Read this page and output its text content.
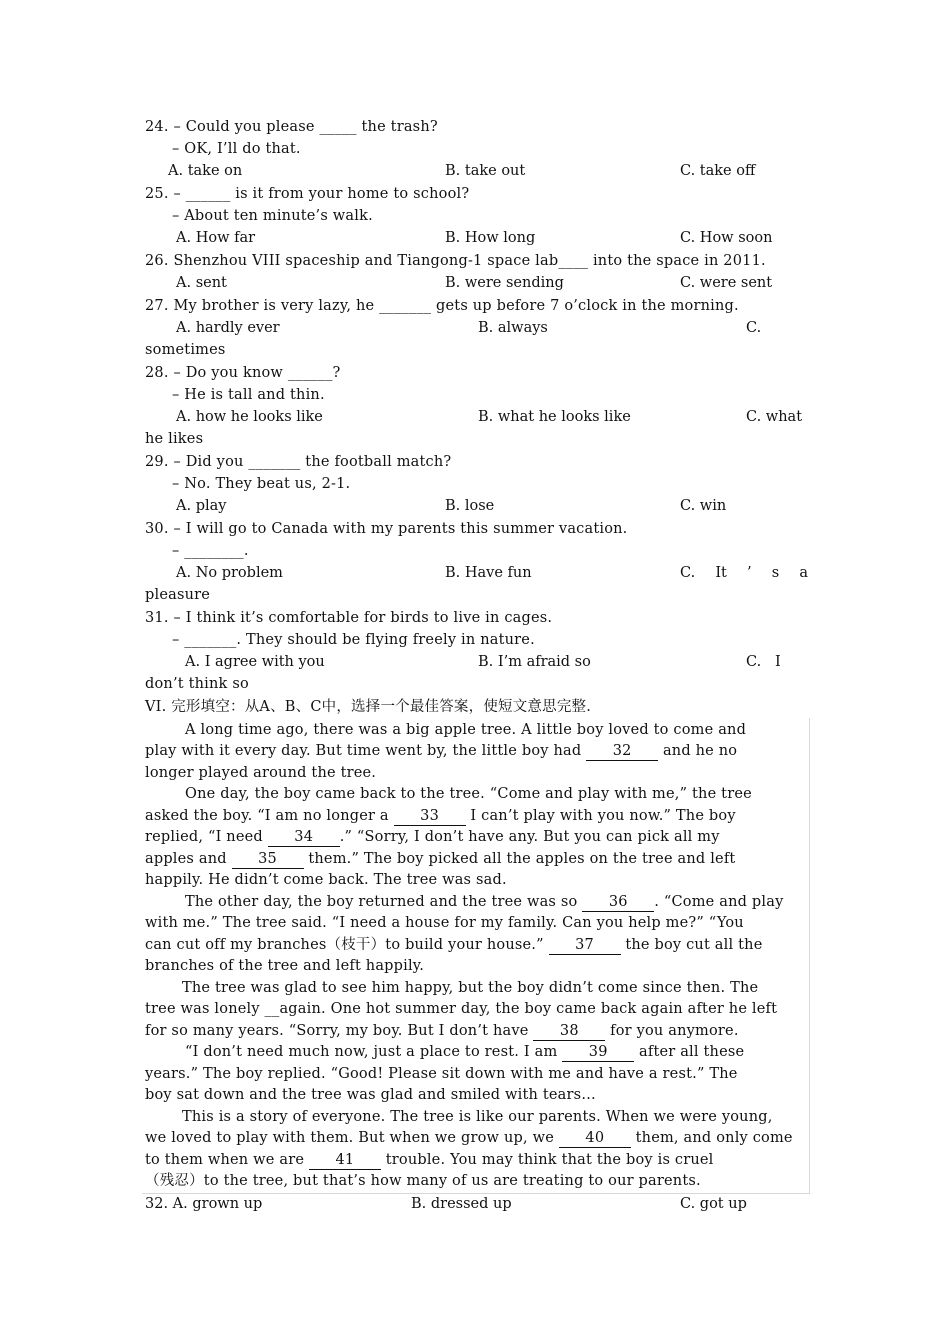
24. – Could you please _____ the trash?
– OK, I’ll do that.
A. take on	B. take out	C. take off
25. – ______ is it from your home to school?
– About ten minute’s walk.
A. How far	B. How long	C. How soon
26. Shenzhou VIII spaceship and Tiangong-1 space lab____ into the space in 2011.
A. sent	B. were sending	C. were sent
27. My brother is very lazy, he _______ gets up before 7 o’clock in the morning.
A. hardly ever	B. always	C.
sometimes
28. – Do you know ______?
– He is tall and thin.
A. how he looks like	B. what he looks like	C. what
he likes
29. – Did you _______ the football match?
– No. They beat us, 2-1.
A. play	B. lose	C. win
30. – I will go to Canada with my parents this summer vacation.
– ________.
A. No problem	B. Have fun	C. It ’ s a
pleasure
31. – I think it’s comfortable for birds to live in cages.
– _______. They should be flying freely in nature.
A. I agree with you	B. I’m afraid so	C.   I
don’t think so
VI. 完形填空：从A、B、C中，选择一个最佳答案，使短文意思完整.
A long time ago, there was a big apple tree. A little boy loved to come and
play with it every day. But time went by, the little boy had 32 and he no
longer played around the tree.
One day, the boy came back to the tree. “Come and play with me,” the tree
asked the boy. “I am no longer a 33 I can’t play with you now.” The boy
replied, “I need 34 .” “Sorry, I don’t have any. But you can pick all my
apples and 35 them.” The boy picked all the apples on the tree and left
happily. He didn’t come back. The tree was sad.
The other day, the boy returned and the tree was so 36 . “Come and play
with me.” The tree said. “I need a house for my family. Can you help me?” “You
can cut off my branches（枝干）to build your house.” 37 the boy cut all the
branches of the tree and left happily.
The tree was glad to see him happy, but the boy didn’t come since then. The
tree was lonely __again. One hot summer day, the boy came back again after he left
for so many years. “Sorry, my boy. But I don’t have 38 for you anymore.
“I don’t need much now, just a place to rest. I am 39 after all these
years.” The boy replied. “Good! Please sit down with me and have a rest.” The
boy sat down and the tree was glad and smiled with tears…
This is a story of everyone. The tree is like our parents. When we were young,
we loved to play with them. But when we grow up, we 40 them, and only come
to them when we are 41 trouble. You may think that the boy is cruel
（残忍）to the tree, but that’s how many of us are treating to our parents.
32. A. grown up	B. dressed up	C. got up
